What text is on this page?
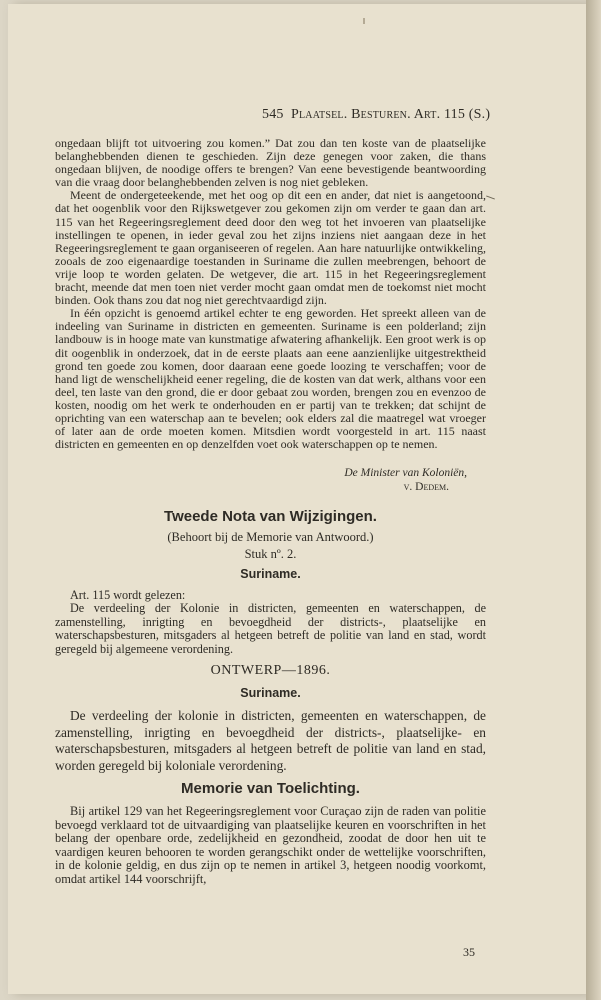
545 Plaatsel. Besturen. Art. 115 (S.)

ongedaan blijft tot uitvoering zou komen.” Dat zou dan ten koste van de plaatselijke belanghebbenden dienen te geschieden. Zijn deze genegen voor zaken, die thans ongedaan blijven, de noodige offers te brengen? Van eene bevestigende beantwoording van die vraag door belanghebbenden zelven is nog niet gebleken.

Meent de ondergeteekende, met het oog op dit een en ander, dat niet is aangetoond, dat het oogenblik voor den Rijkswetgever zou gekomen zijn om verder te gaan dan art. 115 van het Regeeringsreglement deed door den weg tot het invoeren van plaatselijke instellingen te openen, in ieder geval zou het zijns inziens niet aangaan deze in het Regeeringsreglement te gaan organiseeren of regelen. Aan hare natuurlijke ontwikkeling, zooals de zoo eigenaardige toestanden in Suriname die zullen meebrengen, behoort de vrije loop te worden gelaten. De wetgever, die art. 115 in het Regeeringsreglement bracht, meende dat men toen niet verder mocht gaan omdat men de toekomst niet mocht binden. Ook thans zou dat nog niet gerechtvaardigd zijn.

In één opzicht is genoemd artikel echter te eng geworden. Het spreekt alleen van de indeeling van Suriname in districten en gemeenten. Suriname is een polderland; zijn landbouw is in hooge mate van kunstmatige afwatering afhankelijk. Een groot werk is op dit oogenblik in onderzoek, dat in de eerste plaats aan eene aanzienlijke uitgestrektheid grond ten goede zou komen, door daaraan eene goede loozing te verschaffen; voor de hand ligt de wenschelijkheid eener regeling, die de kosten van dat werk, althans voor een deel, ten laste van den grond, die er door gebaat zou worden, brengen zou en evenzoo de kosten, noodig om het werk te onderhouden en er partij van te trekken; dat schijnt de oprichting van een waterschap aan te bevelen; ook elders zal die maatregel wat vroeger of later aan de orde moeten komen. Mitsdien wordt voorgesteld in art. 115 naast districten en gemeenten en op denzelfden voet ook waterschappen op te nemen.

De Minister van Koloniën,
v. Dedem.
Tweede Nota van Wijzigingen.
(Behoort bij de Memorie van Antwoord.)
Stuk nº. 2.
Suriname.

Art. 115 wordt gelezen:

De verdeeling der Kolonie in districten, gemeenten en waterschappen, de zamenstelling, inrigting en bevoegdheid der districts-, plaatselijke en waterschapsbesturen, mitsgaders al hetgeen betreft de politie van land en stad, wordt geregeld bij algemeene verordening.

ONTWERP—1896.
Suriname.

De verdeeling der kolonie in districten, gemeenten en waterschappen, de zamenstelling, inrigting en bevoegdheid der districts-, plaatselijke- en waterschapsbesturen, mitsgaders al hetgeen betreft de politie van land en stad, worden geregeld bij koloniale verordening.

Memorie van Toelichting.

Bij artikel 129 van het Regeeringsreglement voor Curaçao zijn de raden van politie bevoegd verklaard tot de uitvaardiging van plaatselijke keuren en voorschriften in het belang der openbare orde, zedelijkheid en gezondheid, zoodat de door hen uit te vaardigen keuren behooren te worden gerangschikt onder de wettelijke voorschriften, in de kolonie geldig, en dus zijn op te nemen in artikel 3, hetgeen noodig voorkomt, omdat artikel 144 voorschrijft,

35
